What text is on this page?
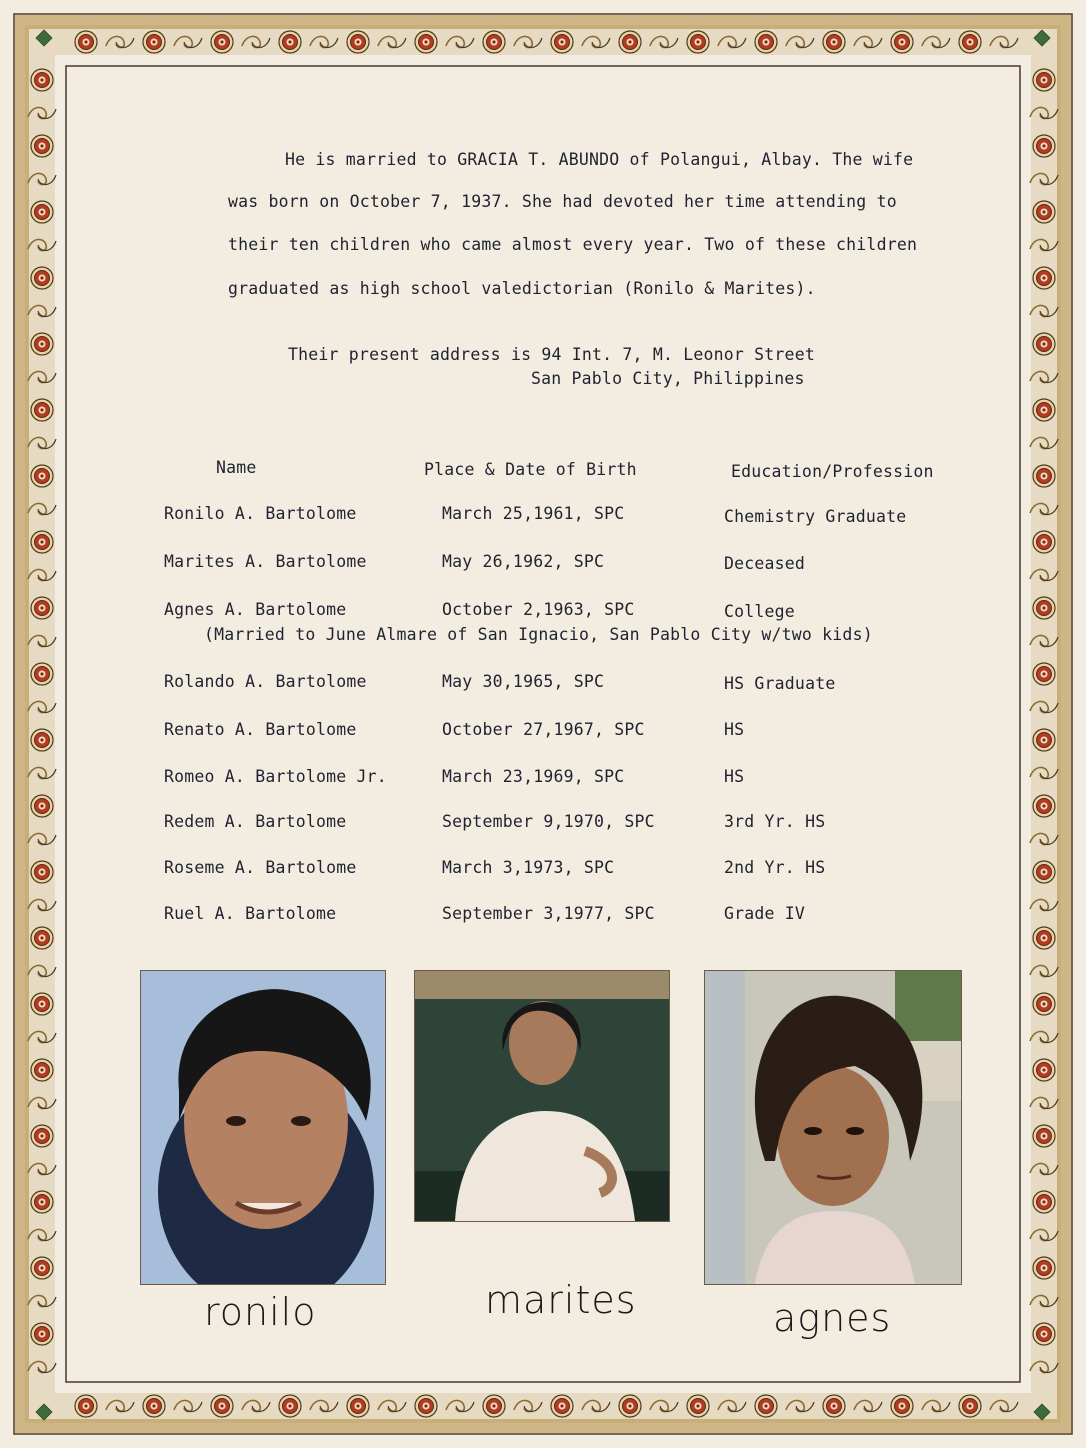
He is married to GRACIA T. ABUNDO of Polangui, Albay. The wife
was born on October 7, 1937. She had devoted her time attending to
their ten children who came almost every year. Two of these children
graduated as high school valedictorian (Ronilo & Marites).
Their present address is 94 Int. 7, M. Leonor Street
San Pablo City, Philippines
Name	Place & Date of Birth	Education/Profession
Ronilo A. Bartolome	March 25,1961, SPC	Chemistry Graduate
Marites A. Bartolome	May 26,1962, SPC	Deceased
Agnes A. Bartolome	October 2,1963, SPC	College
(Married to June Almare of San Ignacio, San Pablo City w/two kids)
Rolando A. Bartolome	May 30,1965, SPC	HS Graduate
Renato A. Bartolome	October 27,1967, SPC	HS
Romeo A. Bartolome Jr.	March 23,1969, SPC	HS
Redem A. Bartolome	September 9,1970, SPC	3rd Yr. HS
Roseme A. Bartolome	March 3,1973, SPC	2nd Yr. HS
Ruel A. Bartolome	September 3,1977, SPC	Grade IV
ronilo	marites	agnes
